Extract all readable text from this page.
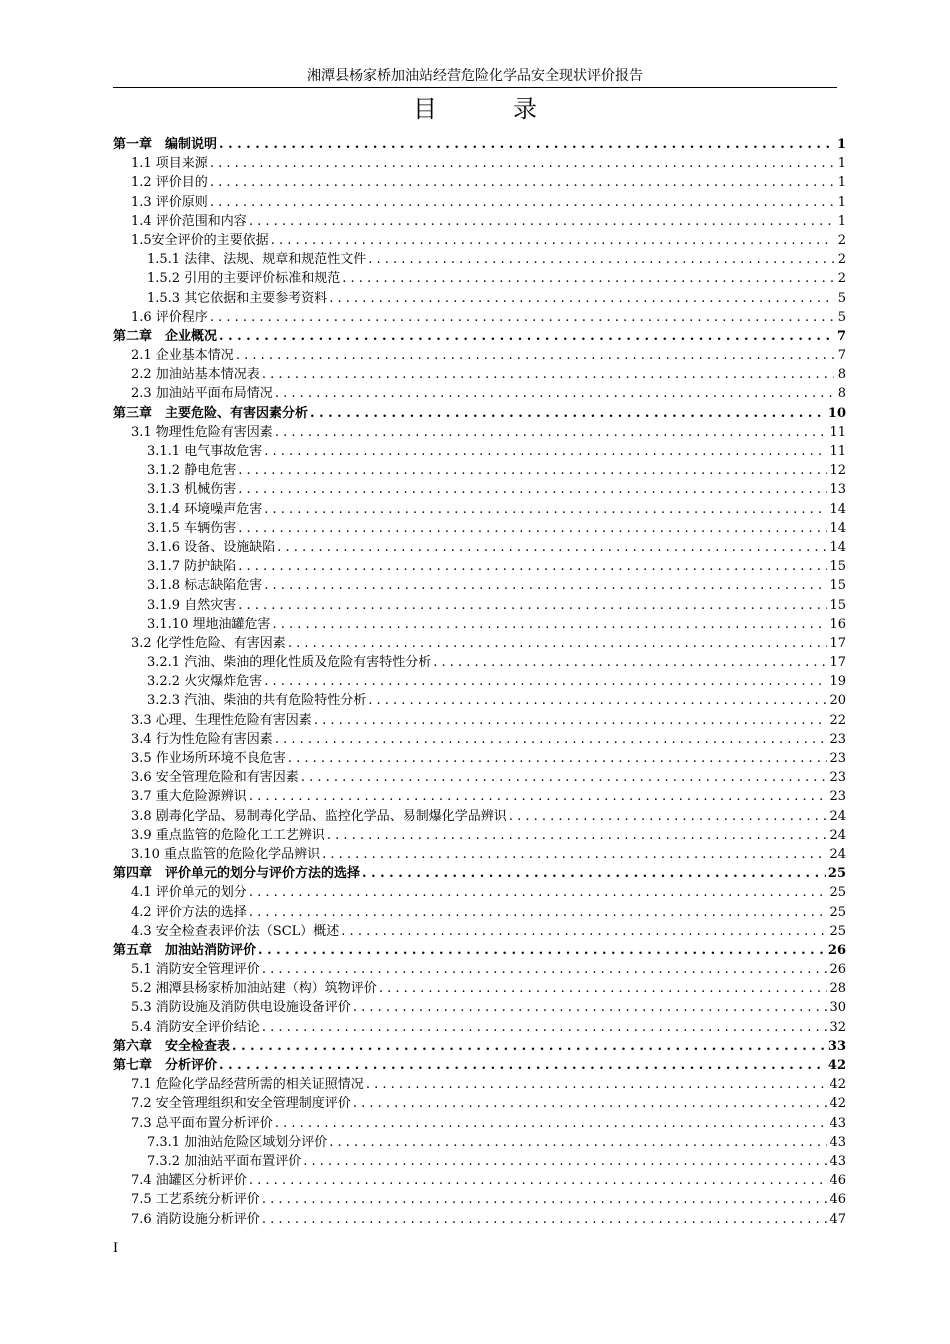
湘潭县杨家桥加油站经营危险化学品安全现状评价报告
目　录
第一章　编制说明 . . .	1
1.1 项目来源 . . .	1
1.2 评价目的 . . .	1
1.3 评价原则 . . .	1
1.4 评价范围和内容 . . .	1
1.5安全评价的主要依据 . . .	2
1.5.1 法律、法规、规章和规范性文件 . . .	2
1.5.2 引用的主要评价标准和规范 . . .	2
1.5.3 其它依据和主要参考资料 . . .	5
1.6 评价程序 . . .	5
第二章　企业概况 . . .	7
2.1 企业基本情况 . . .	7
2.2 加油站基本情况表 . . .	8
2.3 加油站平面布局情况 . . .	8
第三章　主要危险、有害因素分析 . . .	10
3.1 物理性危险有害因素 . . .	11
3.1.1 电气事故危害 . . .	11
3.1.2 静电危害 . . .	12
3.1.3 机械伤害 . . .	13
3.1.4 环境噪声危害 . . .	14
3.1.5 车辆伤害 . . .	14
3.1.6 设备、设施缺陷 . . .	14
3.1.7 防护缺陷 . . .	15
3.1.8 标志缺陷危害 . . .	15
3.1.9 自然灾害 . . .	15
3.1.10 埋地油罐危害 . . .	16
3.2 化学性危险、有害因素 . . .	17
3.2.1 汽油、柴油的理化性质及危险有害特性分析 . . .	17
3.2.2 火灾爆炸危害 . . .	19
3.2.3 汽油、柴油的共有危险特性分析 . . .	20
3.3 心理、生理性危险有害因素 . . .	22
3.4 行为性危险有害因素 . . .	23
3.5 作业场所环境不良危害 . . .	23
3.6 安全管理危险和有害因素 . . .	23
3.7 重大危险源辨识 . . .	23
3.8 剧毒化学品、易制毒化学品、监控化学品、易制爆化学品辨识 . . .	24
3.9 重点监管的危险化工工艺辨识 . . .	24
3.10 重点监管的危险化学品辨识 . . .	24
第四章　评价单元的划分与评价方法的选择 . . .	25
4.1 评价单元的划分 . . .	25
4.2 评价方法的选择 . . .	25
4.3 安全检查表评价法（SCL）概述 . . .	25
第五章　加油站消防评价 . . .	26
5.1 消防安全管理评价 . . .	26
5.2 湘潭县杨家桥加油站建（构）筑物评价 . . .	28
5.3 消防设施及消防供电设施设备评价 . . .	30
5.4 消防安全评价结论 . . .	32
第六章　安全检查表 . . .	33
第七章　分析评价 . . .	42
7.1 危险化学品经营所需的相关证照情况 . . .	42
7.2 安全管理组织和安全管理制度评价 . . .	42
7.3 总平面布置分析评价 . . .	43
7.3.1 加油站危险区域划分评价 . . .	43
7.3.2 加油站平面布置评价 . . .	43
7.4 油罐区分析评价 . . .	46
7.5 工艺系统分析评价 . . .	46
7.6 消防设施分析评价 . . .	47
I
